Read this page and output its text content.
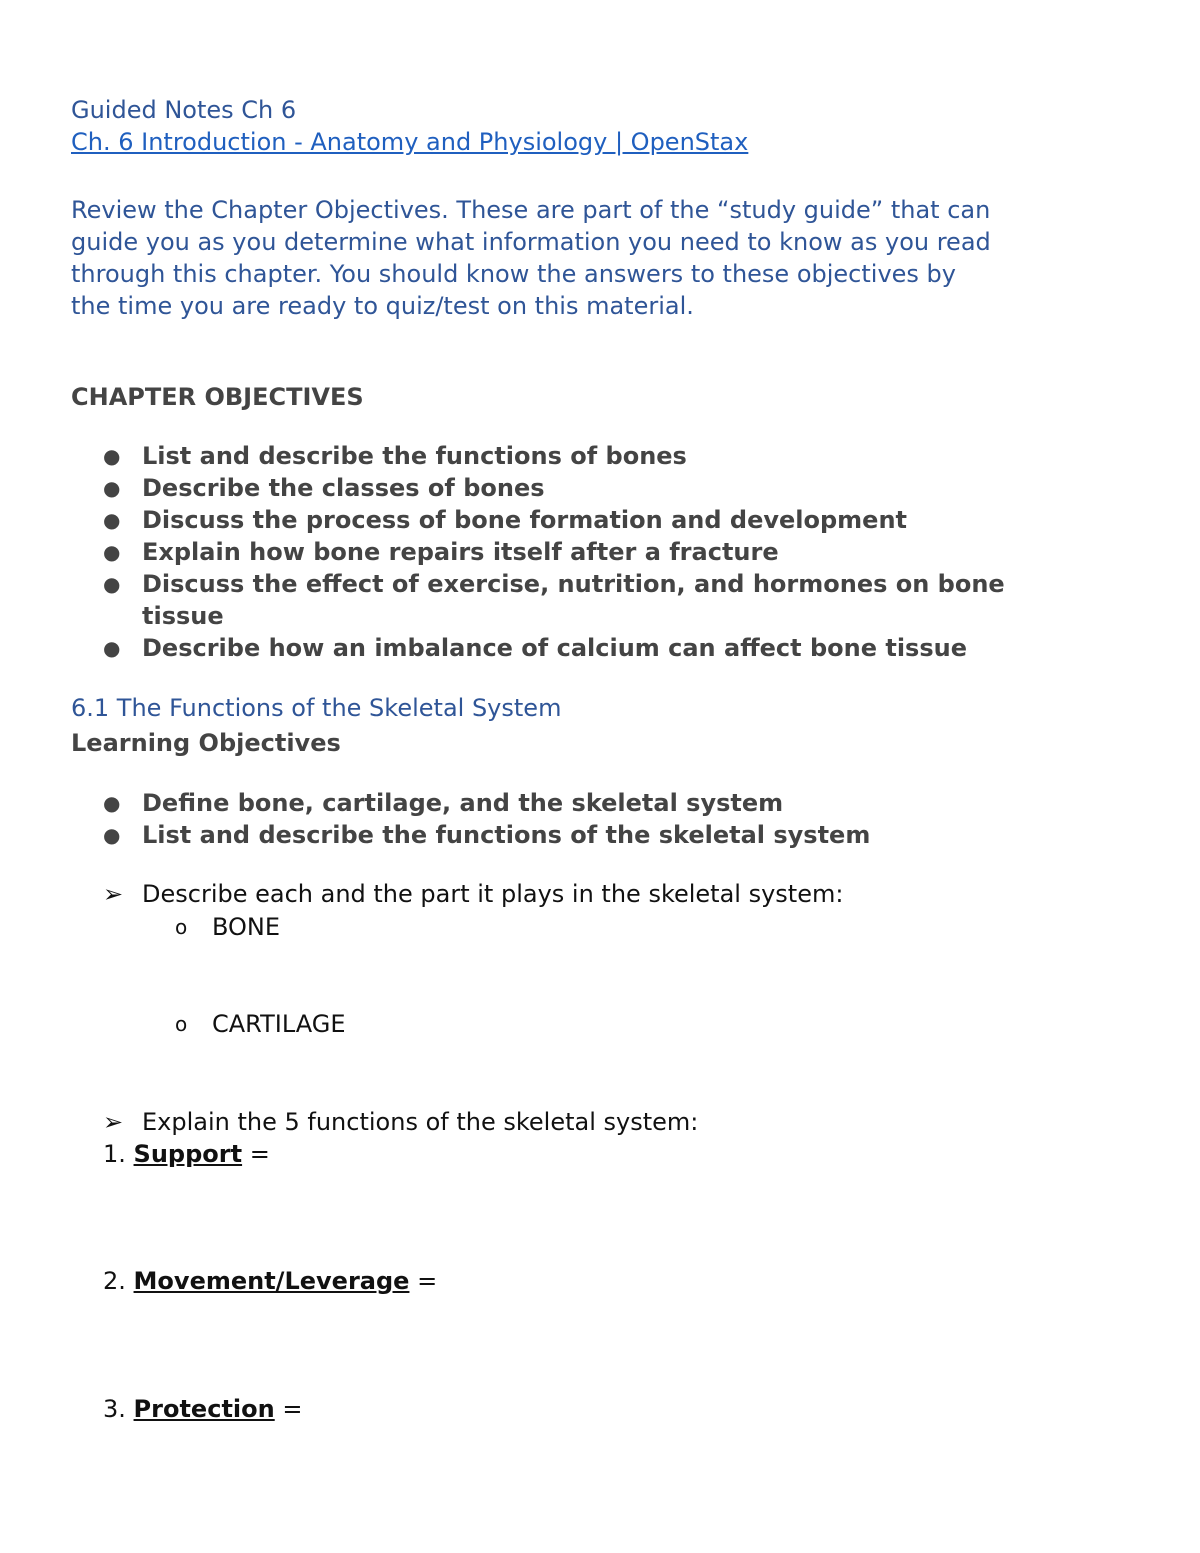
Guided Notes Ch 6
Ch. 6 Introduction - Anatomy and Physiology | OpenStax
Review the Chapter Objectives. These are part of the “study guide” that can
guide you as you determine what information you need to know as you read
through this chapter. You should know the answers to these objectives by
the time you are ready to quiz/test on this material.
CHAPTER OBJECTIVES
● List and describe the functions of bones
● Describe the classes of bones
● Discuss the process of bone formation and development
● Explain how bone repairs itself after a fracture
● Discuss the effect of exercise, nutrition, and hormones on bone
tissue
● Describe how an imbalance of calcium can affect bone tissue
6.1 The Functions of the Skeletal System
Learning Objectives
● Define bone, cartilage, and the skeletal system
● List and describe the functions of the skeletal system
➢ Describe each and the part it plays in the skeletal system:
o BONE
o CARTILAGE
➢ Explain the 5 functions of the skeletal system:
1. Support =
2. Movement/Leverage =
3. Protection =
